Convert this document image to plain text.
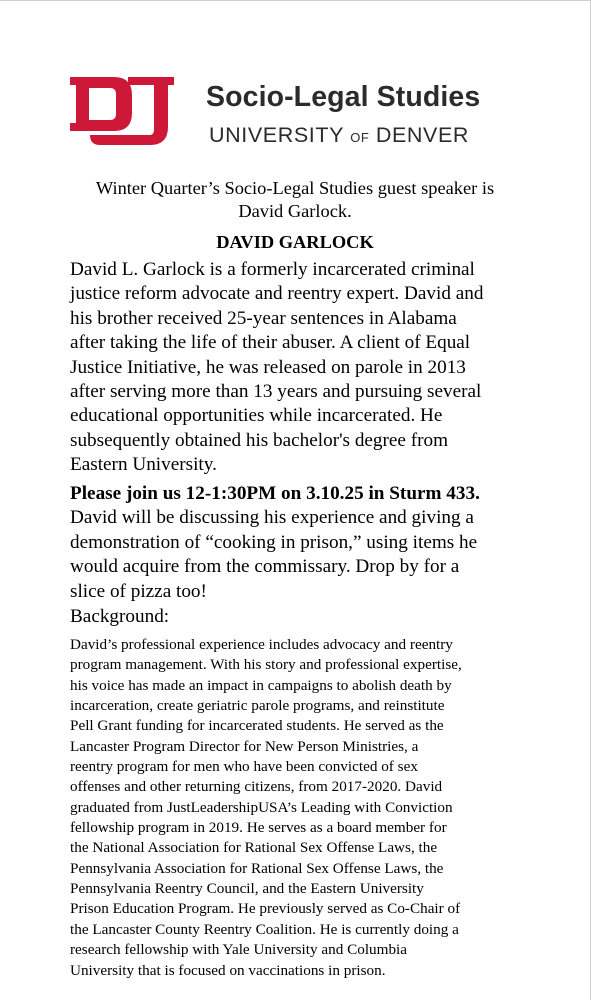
Socio-Legal Studies
UNIVERSITY OF DENVER
Winter Quarter’s Socio-Legal Studies guest speaker is
David Garlock.
DAVID GARLOCK
David L. Garlock is a formerly incarcerated criminal
justice reform advocate and reentry expert. David and
his brother received 25-year sentences in Alabama
after taking the life of their abuser. A client of Equal
Justice Initiative, he was released on parole in 2013
after serving more than 13 years and pursuing several
educational opportunities while incarcerated. He
subsequently obtained his bachelor's degree from
Eastern University.
Please join us 12-1:30PM on 3.10.25 in Sturm 433.
David will be discussing his experience and giving a
demonstration of “cooking in prison,” using items he
would acquire from the commissary. Drop by for a
slice of pizza too!
Background:
David’s professional experience includes advocacy and reentry
program management. With his story and professional expertise,
his voice has made an impact in campaigns to abolish death by
incarceration, create geriatric parole programs, and reinstitute
Pell Grant funding for incarcerated students. He served as the
Lancaster Program Director for New Person Ministries, a
reentry program for men who have been convicted of sex
offenses and other returning citizens, from 2017-2020. David
graduated from JustLeadershipUSA’s Leading with Conviction
fellowship program in 2019. He serves as a board member for
the National Association for Rational Sex Offense Laws, the
Pennsylvania Association for Rational Sex Offense Laws, the
Pennsylvania Reentry Council, and the Eastern University
Prison Education Program. He previously served as Co-Chair of
the Lancaster County Reentry Coalition. He is currently doing a
research fellowship with Yale University and Columbia
University that is focused on vaccinations in prison.
